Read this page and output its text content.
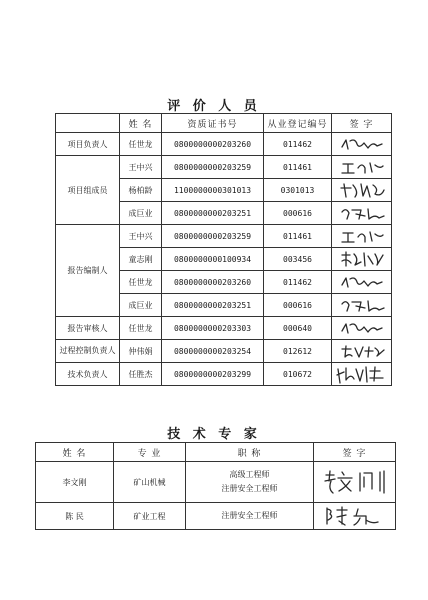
评 价 人 员
	姓 名	资质证书号	从业登记编号	签 字
项目负责人	任世龙	0800000000203260	011462	

项目组成员	王中兴	0800000000203259	011461	

	杨柏龄	1100000000301013	0301013	

	成巨业	0800000000203251	000616	

报告编制人	王中兴	0800000000203259	011461	

	童志刚	0800000000100934	003456	

	任世龙	0800000000203260	011462	

	成巨业	0800000000203251	000616	

报告审核人	任世龙	0800000000203303	000640	

过程控制负责人	仲伟娟	0800000000203254	012612	

技术负责人	任胜杰	0800000000203299	010672	
技 术 专 家
姓 名	专 业	职 称	签 字
李文刚	矿山机械	高级工程师
注册安全工程师

陈 民	矿业工程	注册安全工程师
